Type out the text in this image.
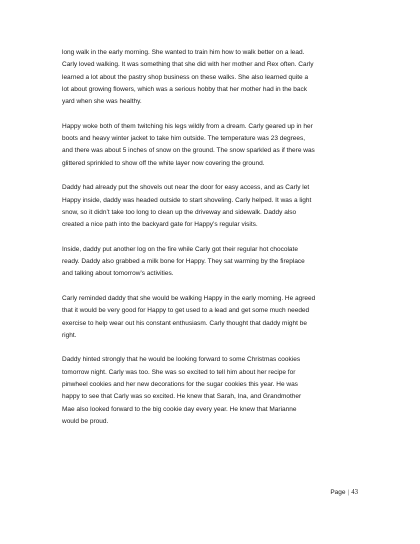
long walk in the early morning. She wanted to train him how to walk better on a lead.
Carly loved walking. It was something that she did with her mother and Rex often. Carly
learned a lot about the pastry shop business on these walks. She also learned quite a
lot about growing flowers, which was a serious hobby that her mother had in the back
yard when she was healthy.

Happy woke both of them twitching his legs wildly from a dream. Carly geared up in her
boots and heavy winter jacket to take him outside. The temperature was 23 degrees,
and there was about 5 inches of snow on the ground. The snow sparkled as if there was
glittered sprinkled to show off the white layer now covering the ground.

Daddy had already put the shovels out near the door for easy access, and as Carly let
Happy inside, daddy was headed outside to start shoveling. Carly helped. It was a light
snow, so it didn’t take too long to clean up the driveway and sidewalk. Daddy also
created a nice path into the backyard gate for Happy’s regular visits.

Inside, daddy put another log on the fire while Carly got their regular hot chocolate
ready. Daddy also grabbed a milk bone for Happy. They sat warming by the fireplace
and talking about tomorrow’s activities.

Carly reminded daddy that she would be walking Happy in the early morning. He agreed
that it would be very good for Happy to get used to a lead and get some much needed
exercise to help wear out his constant enthusiasm. Carly thought that daddy might be
right.

Daddy hinted strongly that he would be looking forward to some Christmas cookies
tomorrow night. Carly was too. She was so excited to tell him about her recipe for
pinwheel cookies and her new decorations for the sugar cookies this year. He was
happy to see that Carly was so excited. He knew that Sarah, Ina, and Grandmother
Mae also looked forward to the big cookie day every year. He knew that Marianne
would be proud.

Page | 43
